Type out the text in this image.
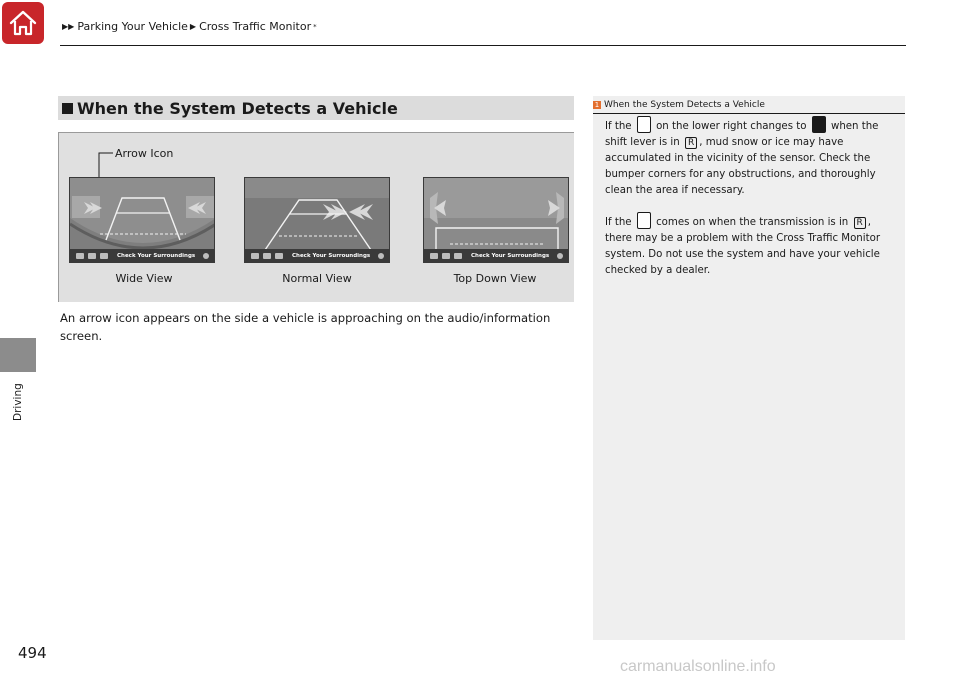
▶▶ Parking Your Vehicle ▶ Cross Traffic Monitor *
Driving
494
When the System Detects a Vehicle
Arrow Icon
Check Your Surroundings	Check Your Surroundings	Check Your Surroundings
Wide View	Normal View	Top Down View
An arrow icon appears on the side a vehicle is approaching on the audio/information screen.
1 When the System Detects a Vehicle
If the on the lower right changes to when the shift lever is in R , mud snow or ice may have accumulated in the vicinity of the sensor. Check the bumper corners for any obstructions, and thoroughly clean the area if necessary.
If the comes on when the transmission is in R , there may be a problem with the Cross Traffic Monitor system. Do not use the system and have your vehicle checked by a dealer.
carmanualsonline.info
